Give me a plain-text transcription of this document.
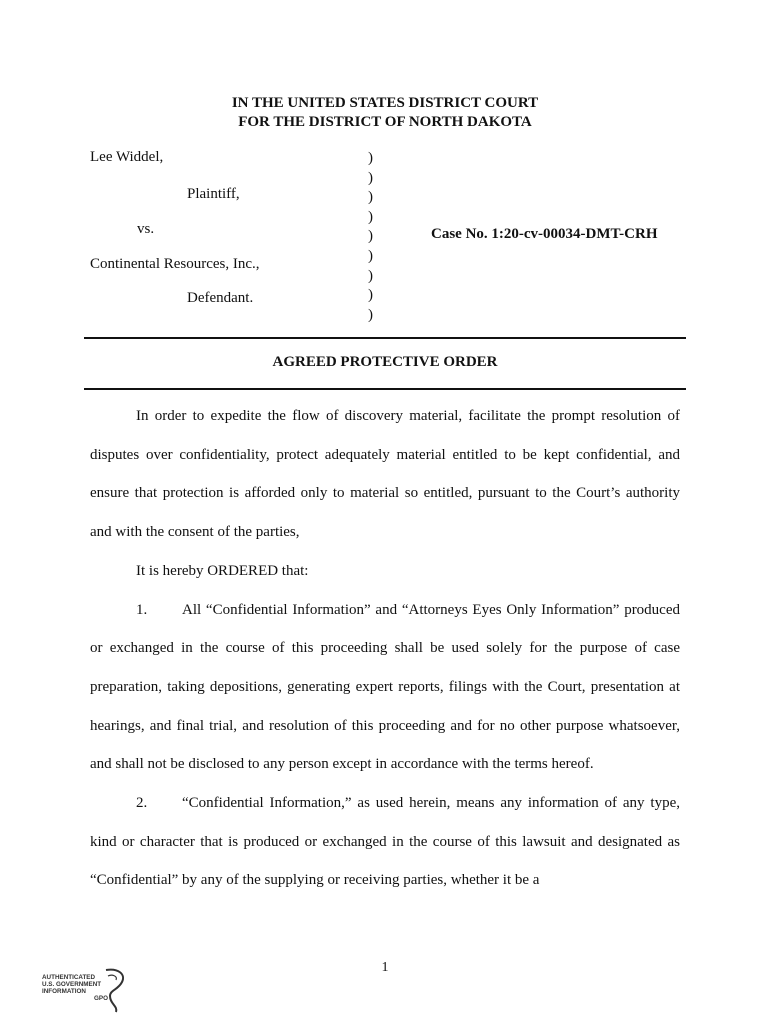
IN THE UNITED STATES DISTRICT COURT
FOR THE DISTRICT OF NORTH DAKOTA
Lee Widdel,
Plaintiff,
vs.
Continental Resources, Inc.,
Defendant.
)
)
)
)
)
)
)
)
)
Case No. 1:20-cv-00034-DMT-CRH
AGREED PROTECTIVE ORDER

In order to expedite the flow of discovery material, facilitate the prompt resolution of disputes over confidentiality, protect adequately material entitled to be kept confidential, and ensure that protection is afforded only to material so entitled, pursuant to the Court’s authority and with the consent of the parties,

It is hereby ORDERED that:

1. All “Confidential Information” and “Attorneys Eyes Only Information” produced or exchanged in the course of this proceeding shall be used solely for the purpose of case preparation, taking depositions, generating expert reports, filings with the Court, presentation at hearings, and final trial, and resolution of this proceeding and for no other purpose whatsoever, and shall not be disclosed to any person except in accordance with the terms hereof.

2. “Confidential Information,” as used herein, means any information of any type, kind or character that is produced or exchanged in the course of this lawsuit and designated as “Confidential” by any of the supplying or receiving parties, whether it be a

1
AUTHENTICATED
U.S. GOVERNMENT
INFORMATION
GPO
